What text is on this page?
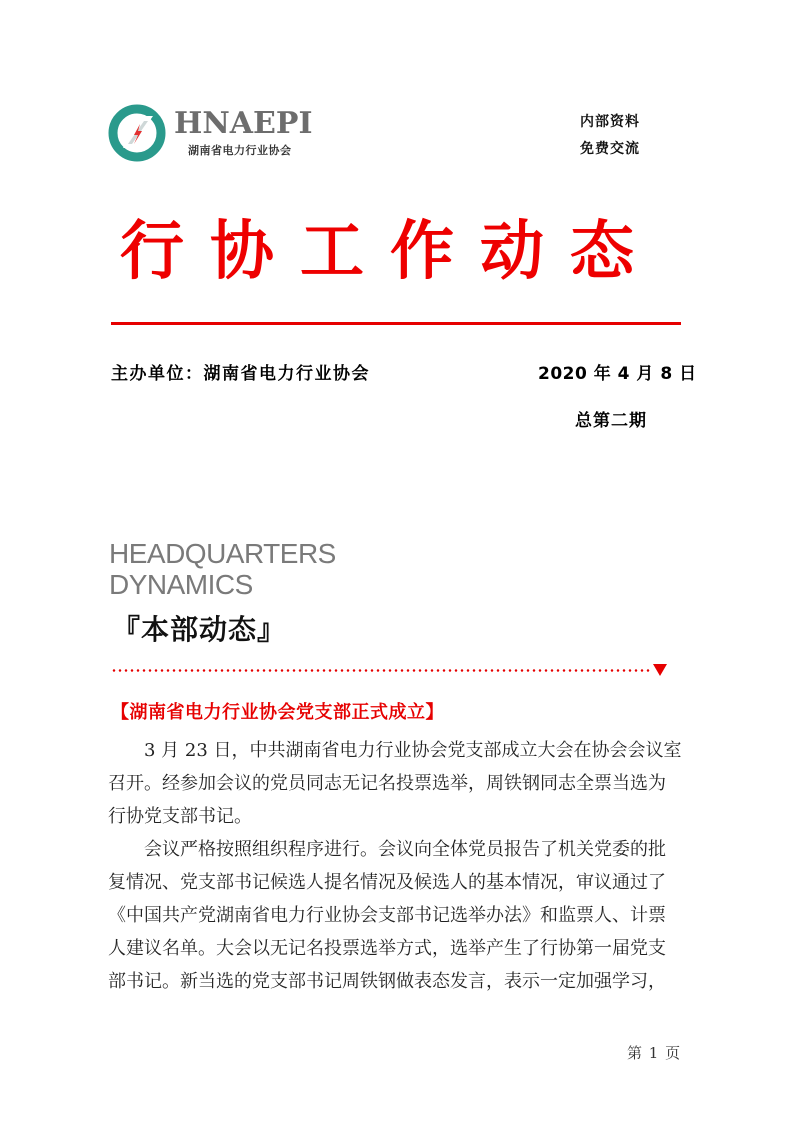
HNAEPI
湖南省电力行业协会
内部资料
免费交流
行协工作动态
主办单位：湖南省电力行业协会	2020 年 4 月 8 日
总第二期
HEADQUARTERS
DYNAMICS
『本部动态』
【湖南省电力行业协会党支部正式成立】

3 月 23 日，中共湖南省电力行业协会党支部成立大会在协会会议室

召开。经参加会议的党员同志无记名投票选举，周铁钢同志全票当选为
行协党支部书记。

会议严格按照组织程序进行。会议向全体党员报告了机关党委的批

复情况、党支部书记候选人提名情况及候选人的基本情况，审议通过了
《中国共产党湖南省电力行业协会支部书记选举办法》和监票人、计票
人建议名单。大会以无记名投票选举方式，选举产生了行协第一届党支
部书记。新当选的党支部书记周铁钢做表态发言，表示一定加强学习，
第 1 页
